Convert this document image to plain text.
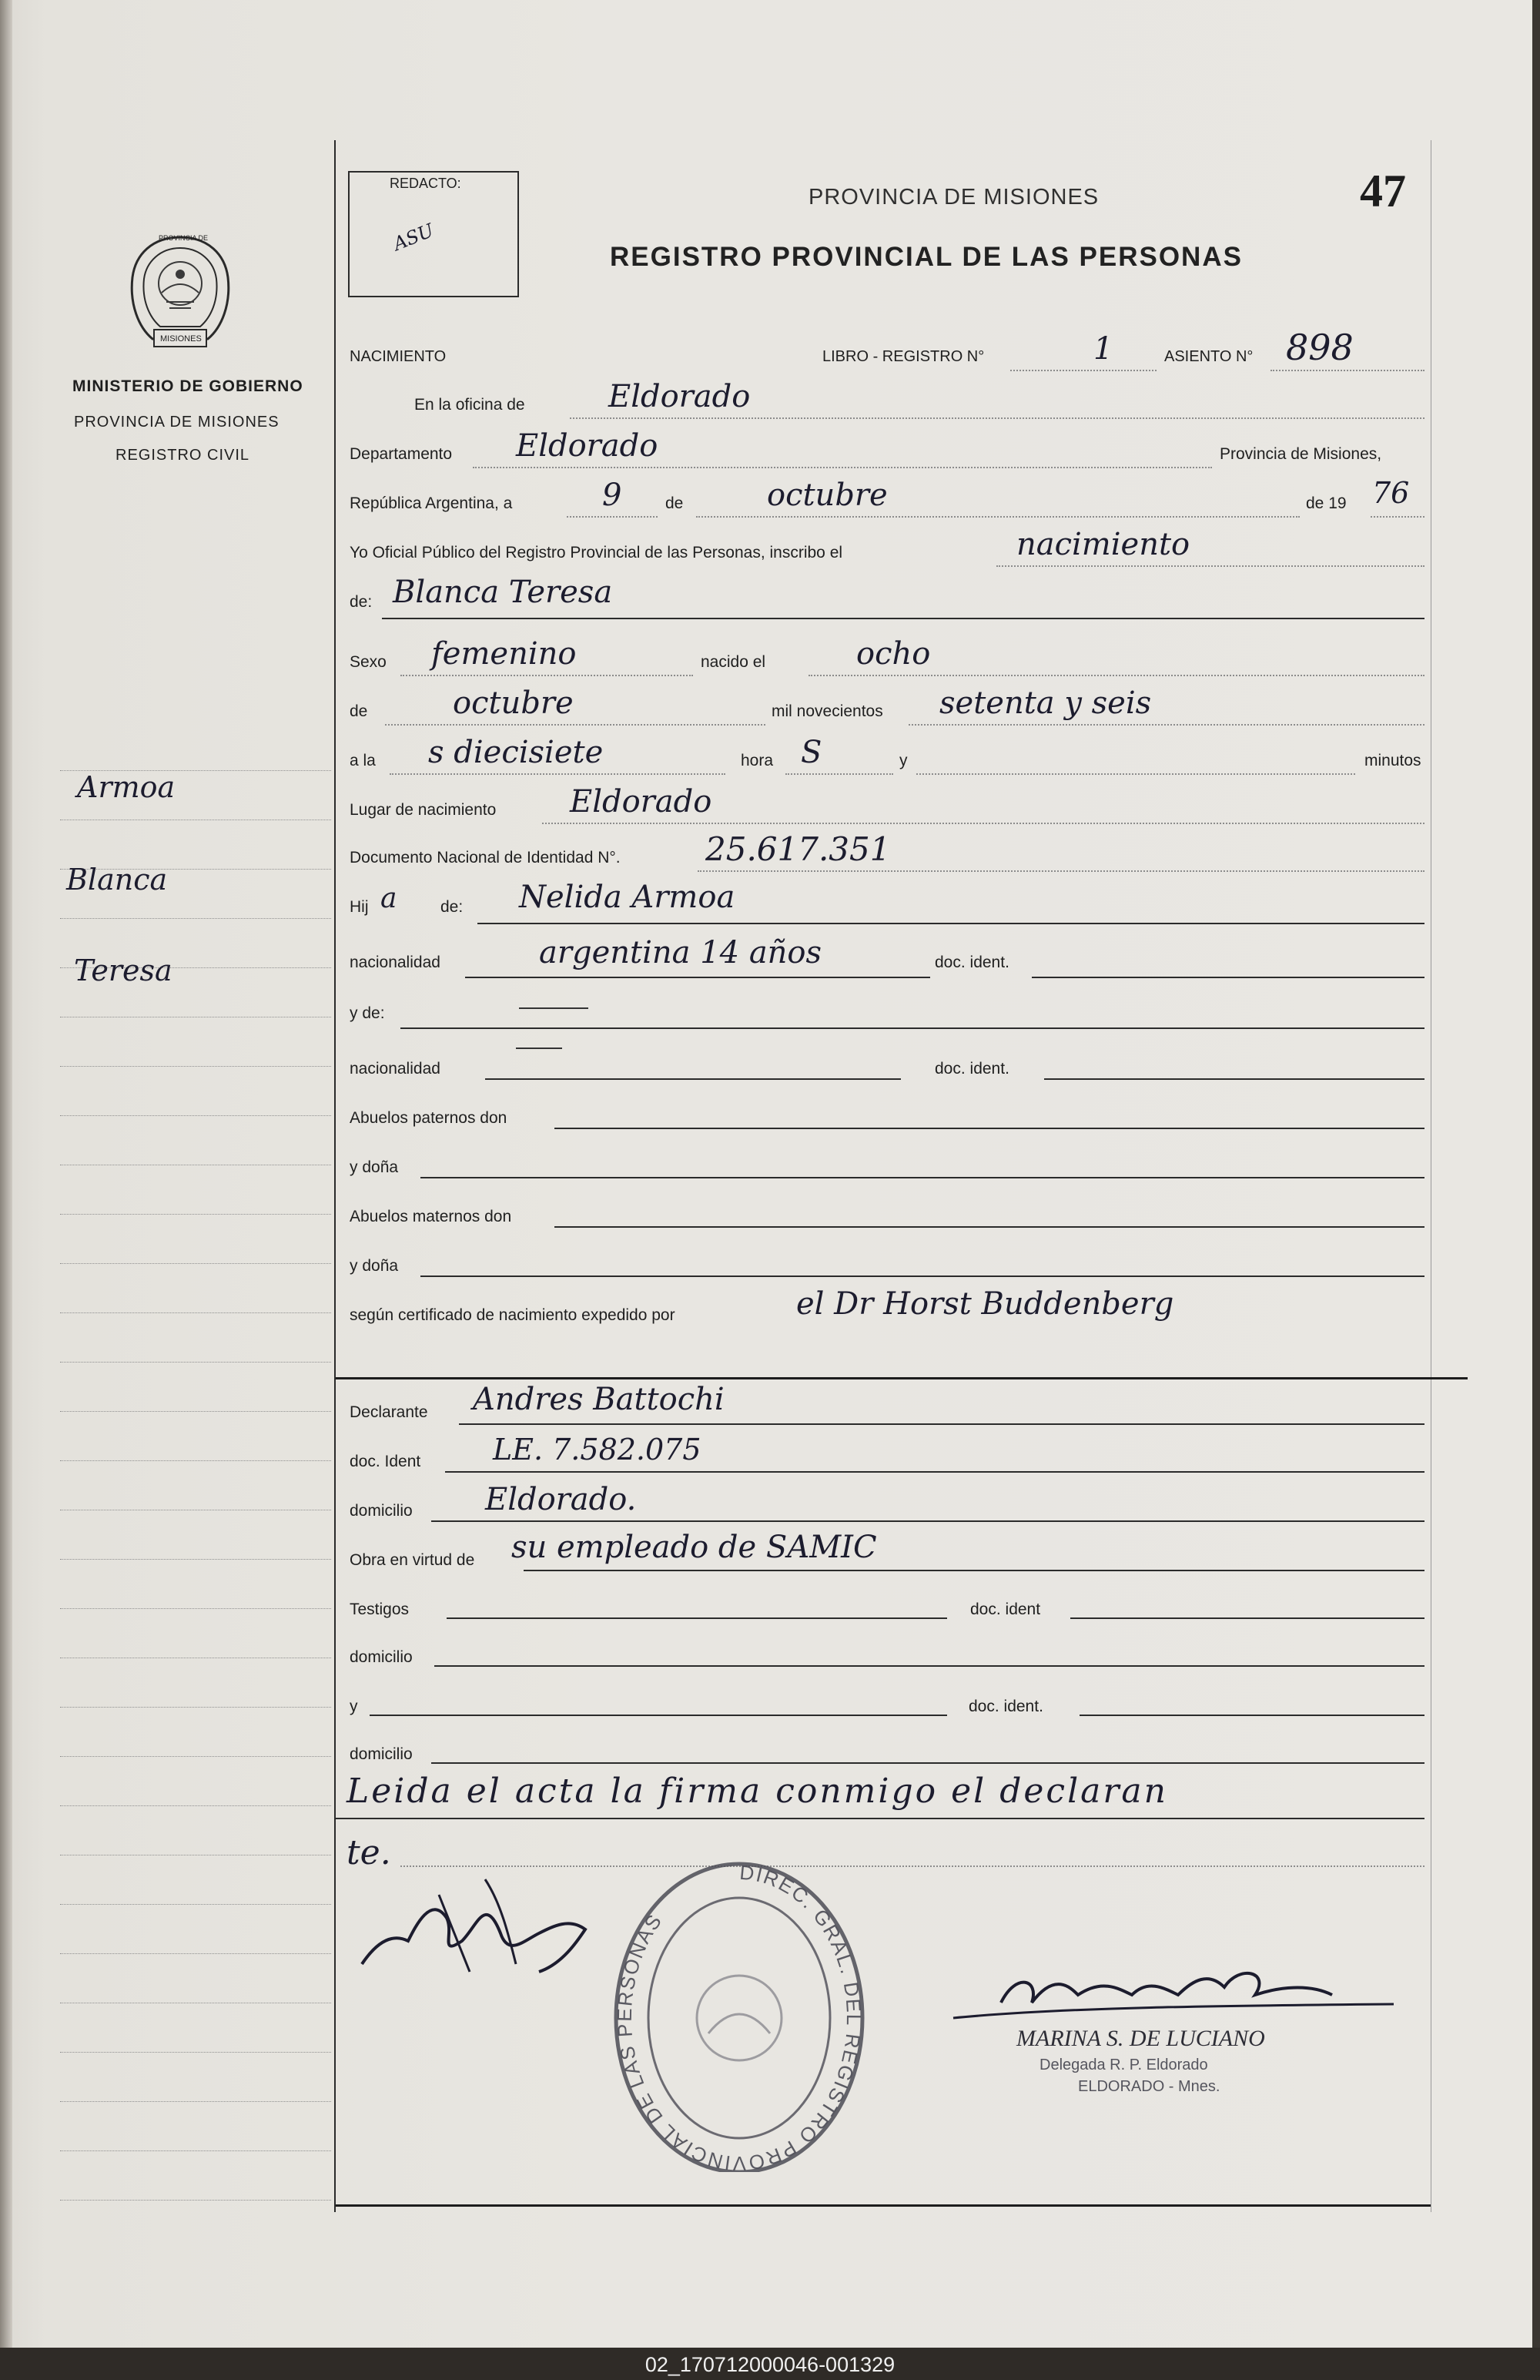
PROVINCIA DE
MISIONES
MINISTERIO DE GOBIERNO
PROVINCIA DE MISIONES
REGISTRO CIVIL
Armoa
Blanca
Teresa
REDACTO:
ASU
PROVINCIA DE MISIONES
REGISTRO PROVINCIAL DE LAS PERSONAS
47
NACIMIENTO	LIBRO - REGISTRO N°	1	ASIENTO N° 898
En la oficina de	Eldorado
Departamento Eldorado	Provincia de Misiones,
República Argentina, a	9	de	octubre	de 19 76
Yo Oficial Público del Registro Provincial de las Personas, inscribo el	nacimiento
de: Blanca Teresa
Sexo femenino	nacido el	ocho
de	octubre	mil novecientos setenta y seis
a la s diecisiete	hora S	y	minutos
Lugar de nacimiento Eldorado
Documento Nacional de Identidad N°.	25.617.351
Hij a	de: Nelida Armoa
nacionalidad	argentina 14 años	doc. ident.
y de:
nacionalidad	doc. ident.
Abuelos paternos don
y doña
Abuelos maternos don
y doña
según certificado de nacimiento expedido por	el Dr Horst Buddenberg
Declarante Andres Battochi
doc. Ident LE. 7.582.075
domicilio Eldorado.
Obra en virtud de su empleado de SAMIC
Testigos	doc. ident
domicilio
y	doc. ident.
domicilio
Leida el acta la firma conmigo el declaran
te.
DIREC. GRAL. DEL REGISTRO PROVINCIAL DE LAS PERSONAS
MARINA S. DE LUCIANO
Delegada R. P. Eldorado
ELDORADO - Mnes.
02_170712000046-001329
